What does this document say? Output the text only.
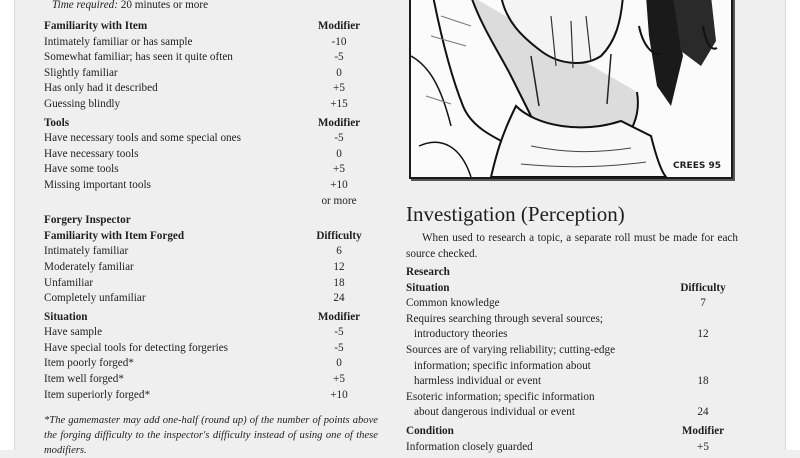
Time required: 20 minutes or more
Familiarity with Item	Modifier
Intimately familiar or has sample	-10
Somewhat familiar; has seen it quite often	-5
Slightly familiar	0
Has only had it described	+5
Guessing blindly	+15
Tools	Modifier
Have necessary tools and some special ones	-5
Have necessary tools	0
Have some tools	+5
Missing important tools	+10
or more
Forgery Inspector
Familiarity with Item Forged	Difficulty
Intimately familiar	6
Moderately familiar	12
Unfamiliar	18
Completely unfamiliar	24
Situation	Modifier
Have sample	-5
Have special tools for detecting forgeries	-5
Item poorly forged*	0
Item well forged*	+5
Item superiorly forged*	+10
*The gamemaster may add one-half (round up) of the number of points above the forging difficulty to the inspector's difficulty instead of using one of these modifiers.
CREES 95
Investigation (Perception)
When used to research a topic, a separate roll must be made for each source checked.
Research
Situation	Difficulty
Common knowledge	7
Requires searching through several sources;
introductory theories	12
Sources are of varying reliability; cutting-edge
information; specific information about
harmless individual or event	18
Esoteric information; specific information
about dangerous individual or event	24
Condition	Modifier
Information closely guarded	+5
